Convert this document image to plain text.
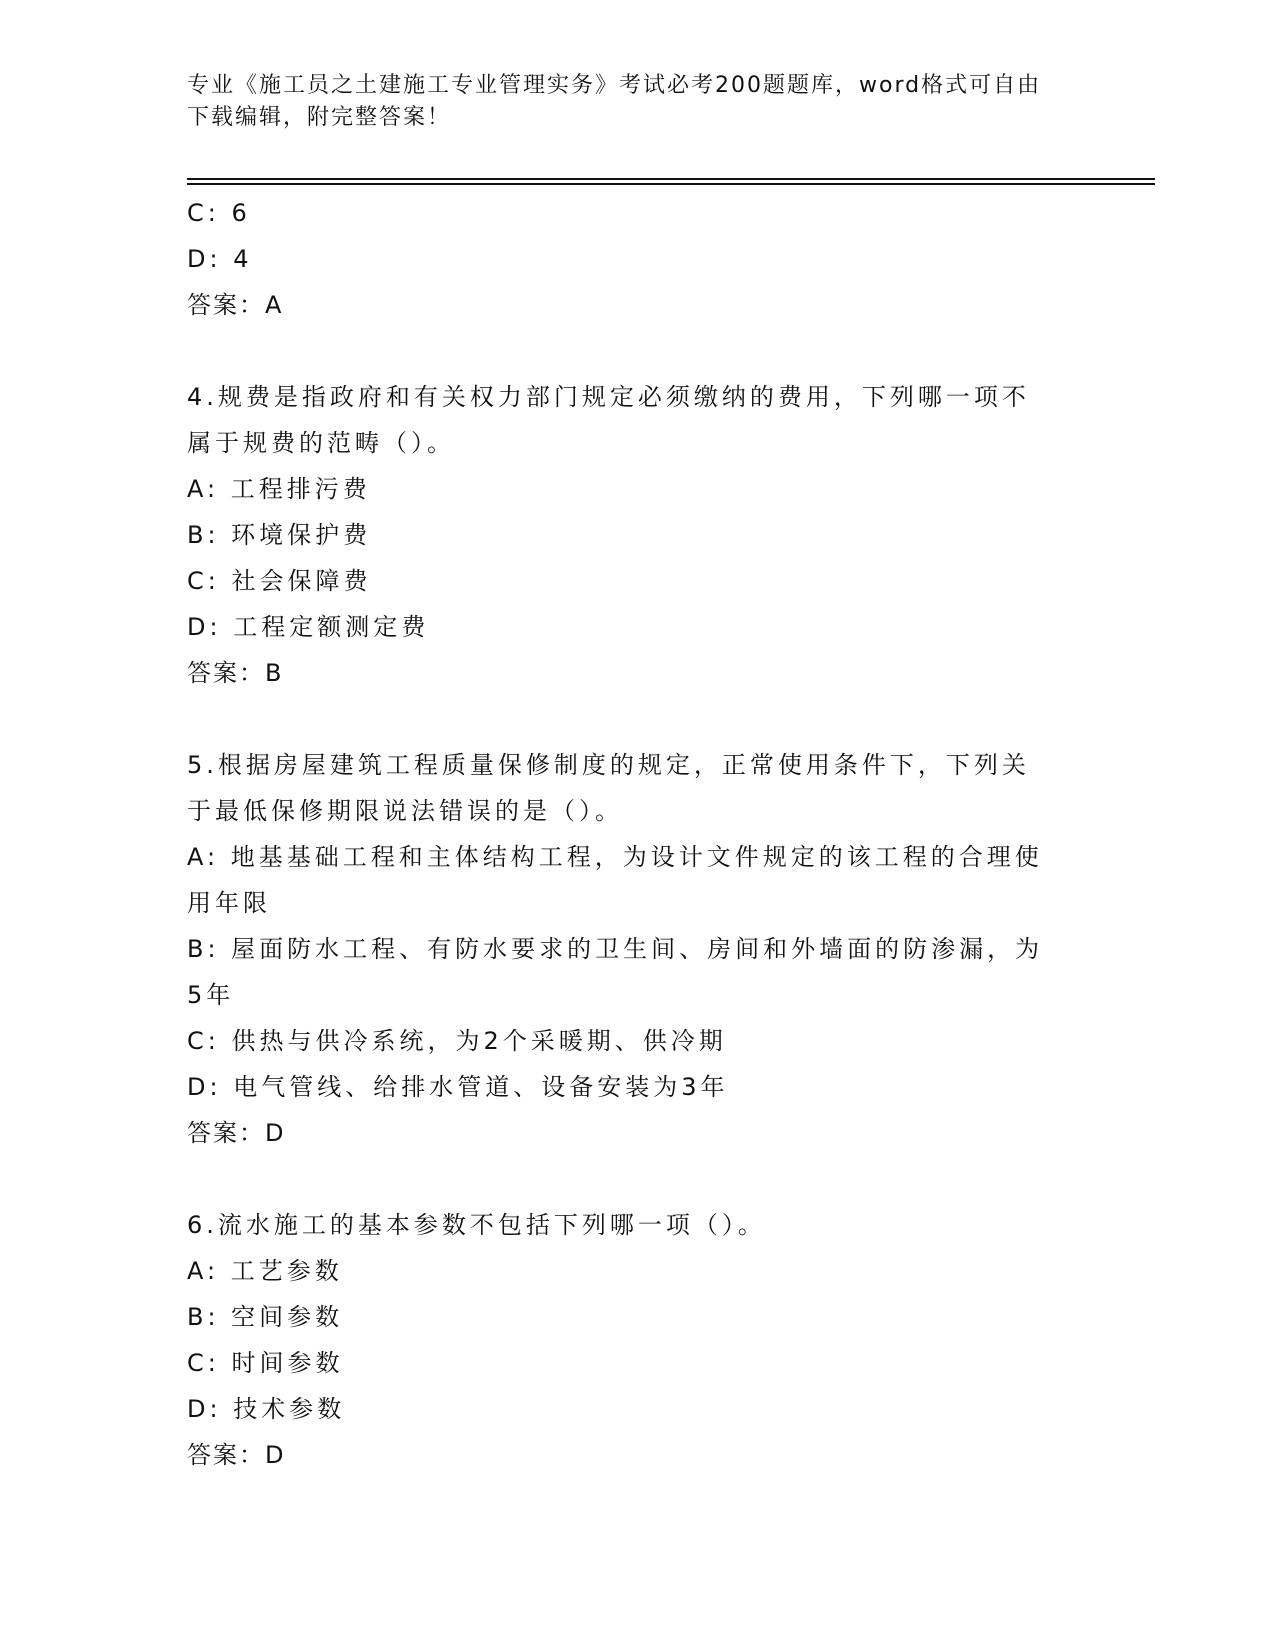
专业《施工员之土建施工专业管理实务》考试必考200题题库，word格式可自由
下载编辑，附完整答案！
C: 6
D: 4
答案：A
4.规费是指政府和有关权力部门规定必须缴纳的费用，下列哪一项不
属于规费的范畴（）。
A: 工程排污费
B: 环境保护费
C: 社会保障费
D: 工程定额测定费
答案：B
5.根据房屋建筑工程质量保修制度的规定，正常使用条件下，下列关
于最低保修期限说法错误的是（）。
A: 地基基础工程和主体结构工程，为设计文件规定的该工程的合理使
用年限
B: 屋面防水工程、有防水要求的卫生间、房间和外墙面的防渗漏，为
5年
C: 供热与供冷系统，为2个采暖期、供冷期
D: 电气管线、给排水管道、设备安装为3年
答案：D
6.流水施工的基本参数不包括下列哪一项（）。
A: 工艺参数
B: 空间参数
C: 时间参数
D: 技术参数
答案：D
